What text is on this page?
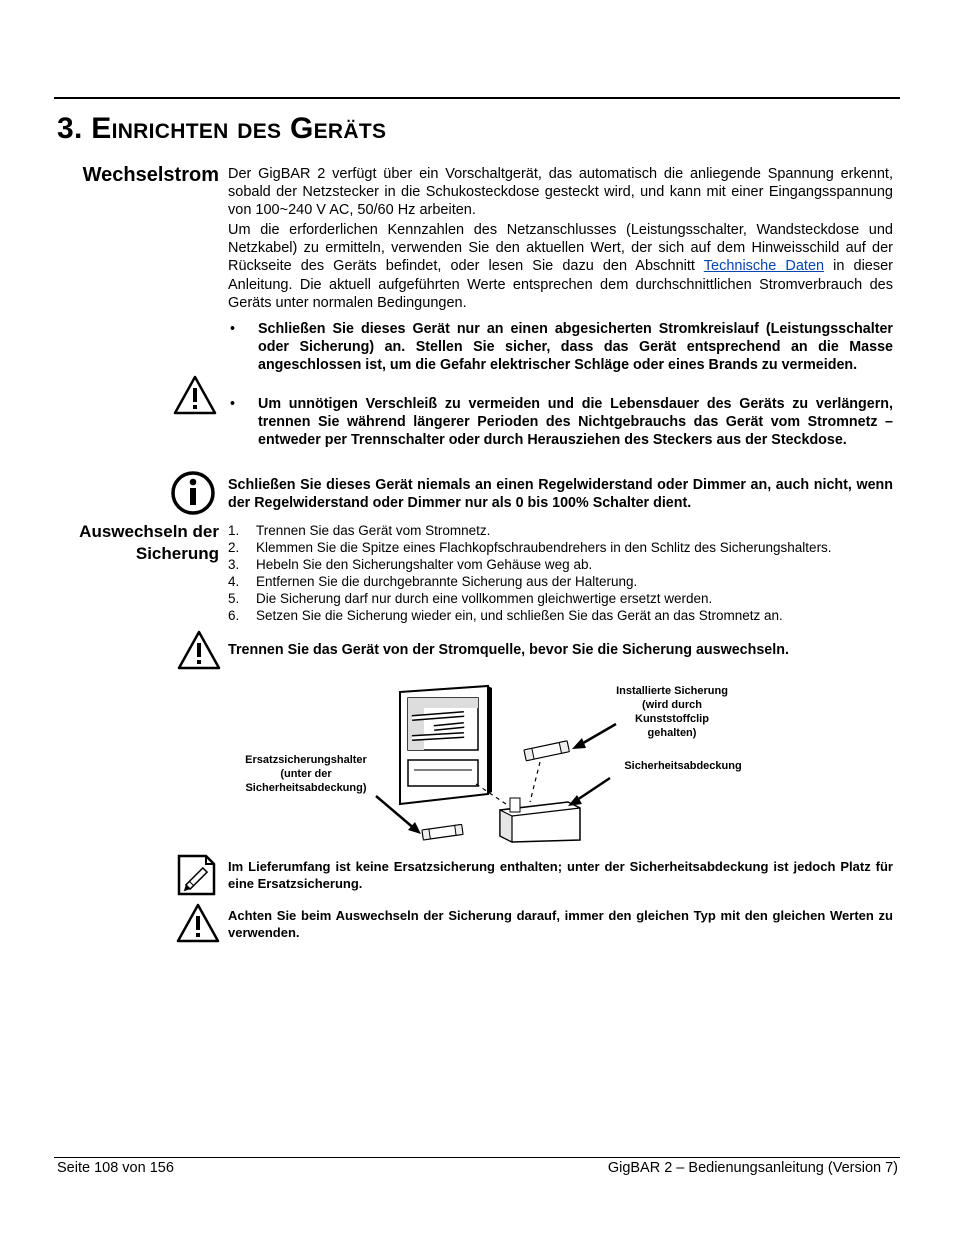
3. Einrichten des Geräts
Wechselstrom Der GigBAR 2 verfügt über ein Vorschaltgerät, das automatisch die anliegende Spannung erkennt, sobald der Netzstecker in die Schukosteckdose gesteckt wird, und kann mit einer Eingangsspannung von 100~240 V AC, 50/60 Hz arbeiten.

Um die erforderlichen Kennzahlen des Netzanschlusses (Leistungsschalter, Wandsteckdose und Netzkabel) zu ermitteln, verwenden Sie den aktuellen Wert, der sich auf dem Hinweisschild auf der Rückseite des Geräts befindet, oder lesen Sie dazu den Abschnitt Technische Daten in dieser Anleitung. Die aktuell aufgeführten Werte entsprechen dem durchschnittlichen Stromverbrauch des Geräts unter normalen Bedingungen.

• Schließen Sie dieses Gerät nur an einen abgesicherten Stromkreislauf (Leistungsschalter oder Sicherung) an. Stellen Sie sicher, dass das Gerät entsprechend an die Masse angeschlossen ist, um die Gefahr elektrischer Schläge oder eines Brands zu vermeiden.
• Um unnötigen Verschleiß zu vermeiden und die Lebensdauer des Geräts zu verlängern, trennen Sie während längerer Perioden des Nichtgebrauchs das Gerät vom Stromnetz – entweder per Trennschalter oder durch Herausziehen des Steckers aus der Steckdose.

Schließen Sie dieses Gerät niemals an einen Regelwiderstand oder Dimmer an, auch nicht, wenn der Regelwiderstand oder Dimmer nur als 0 bis 100% Schalter dient.

Auswechseln der
Sicherung
1. Trennen Sie das Gerät vom Stromnetz.
2. Klemmen Sie die Spitze eines Flachkopfschraubendrehers in den Schlitz des Sicherungshalters.
3. Hebeln Sie den Sicherungshalter vom Gehäuse weg ab.
4. Entfernen Sie die durchgebrannte Sicherung aus der Halterung.
5. Die Sicherung darf nur durch eine vollkommen gleichwertige ersetzt werden.
6. Setzen Sie die Sicherung wieder ein, und schließen Sie das Gerät an das Stromnetz an.

Trennen Sie das Gerät von der Stromquelle, bevor Sie die Sicherung auswechseln.

Installierte Sicherung
(wird durch
Kunststoffclip
gehalten)

Sicherheitsabdeckung

Ersatzsicherungshalter
(unter der
Sicherheitsabdeckung)

Im Lieferumfang ist keine Ersatzsicherung enthalten; unter der Sicherheitsabdeckung ist jedoch Platz für eine Ersatzsicherung.

Achten Sie beim Auswechseln der Sicherung darauf, immer den gleichen Typ mit den gleichen Werten zu verwenden.

Seite 108 von 156	GigBAR 2 – Bedienungsanleitung (Version 7)
